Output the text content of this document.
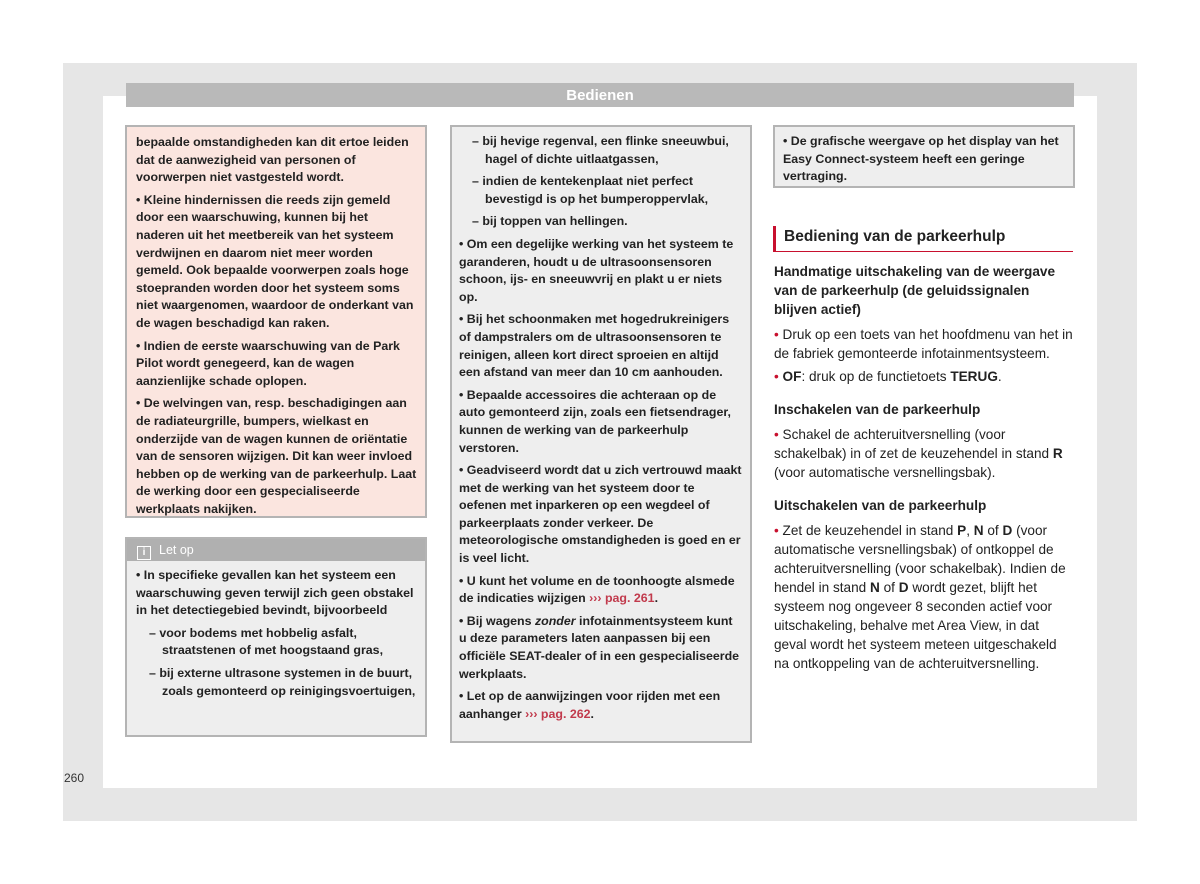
Bedienen

bepaalde omstandigheden kan dit ertoe leiden dat de aanwezigheid van personen of voorwerpen niet vastgesteld wordt.

• Kleine hindernissen die reeds zijn gemeld door een waarschuwing, kunnen bij het naderen uit het meetbereik van het systeem verdwijnen en daarom niet meer worden gemeld. Ook bepaalde voorwerpen zoals hoge stoepranden worden door het systeem soms niet waargenomen, waardoor de onderkant van de wagen beschadigd kan raken.

• Indien de eerste waarschuwing van de Park Pilot wordt genegeerd, kan de wagen aanzienlijke schade oplopen.

• De welvingen van, resp. beschadigingen aan de radiateurgrille, bumpers, wielkast en onderzijde van de wagen kunnen de oriëntatie van de sensoren wijzigen. Dit kan weer invloed hebben op de werking van de parkeerhulp. Laat de werking door een gespecialiseerde werkplaats nakijken.

i Let op

• In specifieke gevallen kan het systeem een waarschuwing geven terwijl zich geen obstakel in het detectiegebied bevindt, bijvoorbeeld

– voor bodems met hobbelig asfalt, straatstenen of met hoogstaand gras,

– bij externe ultrasone systemen in de buurt, zoals gemonteerd op reinigingsvoertuigen,

– bij hevige regenval, een flinke sneeuwbui, hagel of dichte uitlaatgassen,

– indien de kentekenplaat niet perfect bevestigd is op het bumperoppervlak,

– bij toppen van hellingen.

• Om een degelijke werking van het systeem te garanderen, houdt u de ultrasoonsensoren schoon, ijs- en sneeuwvrij en plakt u er niets op.

• Bij het schoonmaken met hogedrukreinigers of dampstralers om de ultrasoonsensoren te reinigen, alleen kort direct sproeien en altijd een afstand van meer dan 10 cm aanhouden.

• Bepaalde accessoires die achteraan op de auto gemonteerd zijn, zoals een fietsendrager, kunnen de werking van de parkeerhulp verstoren.

• Geadviseerd wordt dat u zich vertrouwd maakt met de werking van het systeem door te oefenen met inparkeren op een wegdeel of parkeerplaats zonder verkeer. De meteorologische omstandigheden is goed en er is veel licht.

• U kunt het volume en de toonhoogte alsmede de indicaties wijzigen ››› pag. 261.

• Bij wagens zonder infotainmentsysteem kunt u deze parameters laten aanpassen bij een officiële SEAT-dealer of in een gespecialiseerde werkplaats.

• Let op de aanwijzingen voor rijden met een aanhanger ››› pag. 262.

• De grafische weergave op het display van het Easy Connect-systeem heeft een geringe vertraging.

Bediening van de parkeerhulp
Handmatige uitschakeling van de weergave van de parkeerhulp (de geluidssignalen blijven actief)

• Druk op een toets van het hoofdmenu van het in de fabriek gemonteerde infotainmentsysteem.

• OF: druk op de functietoets TERUG.

Inschakelen van de parkeerhulp

• Schakel de achteruitversnelling (voor schakelbak) in of zet de keuzehendel in stand R (voor automatische versnellingsbak).

Uitschakelen van de parkeerhulp

• Zet de keuzehendel in stand P, N of D (voor automatische versnellingsbak) of ontkoppel de achteruitversnelling (voor schakelbak). Indien de hendel in stand N of D wordt gezet, blijft het systeem nog ongeveer 8 seconden actief voor uitschakeling, behalve met Area View, in dat geval wordt het systeem meteen uitgeschakeld na ontkoppeling van de achteruitversnelling.

260
